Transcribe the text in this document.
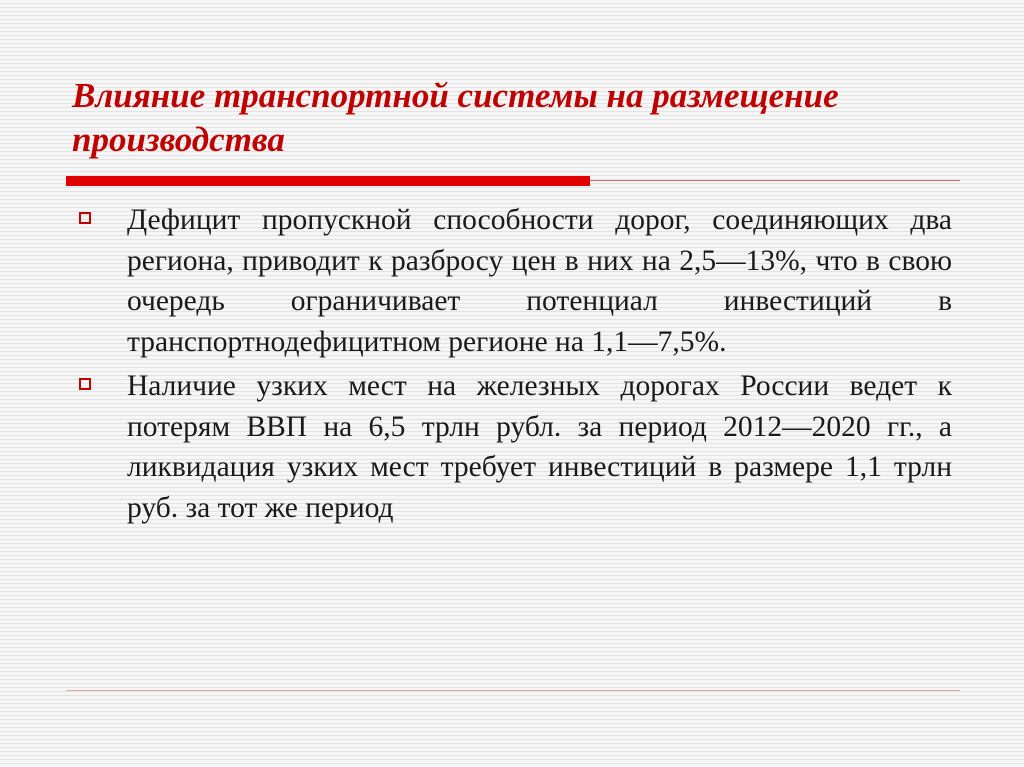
Влияние транспортной системы на размещение производства
Дефицит пропускной способности дорог, соединяющих два региона, приводит к разбросу цен в них на 2,5—13%, что в свою очередь ограничивает потенциал инвестиций в транспортнодефицитном регионе на 1,1—7,5%.
Наличие узких мест на железных дорогах России ведет к потерям ВВП на 6,5 трлн рубл. за период 2012—2020 гг., а ликвидация узких мест требует инвестиций в размере 1,1 трлн руб. за тот же период
